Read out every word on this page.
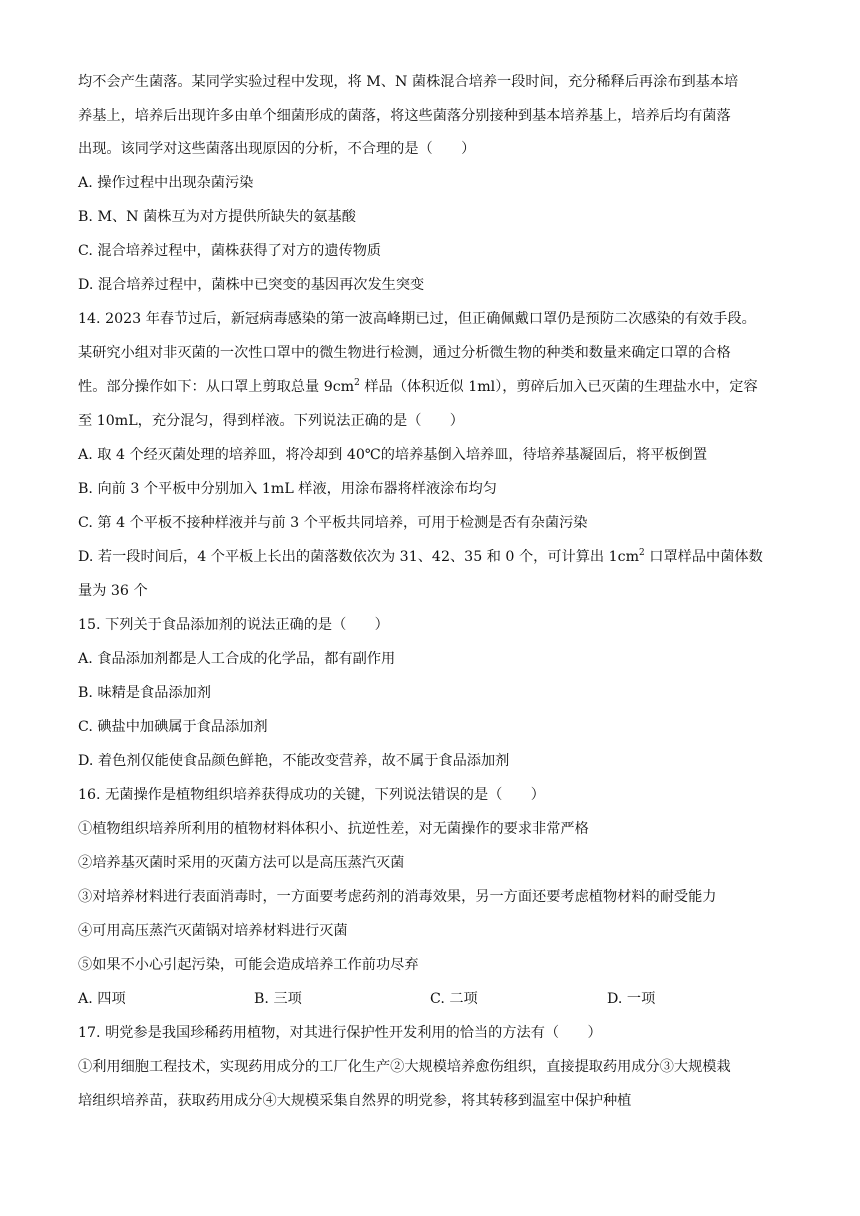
均不会产生菌落。某同学实验过程中发现，将 M、N 菌株混合培养一段时间，充分稀释后再涂布到基本培
养基上，培养后出现许多由单个细菌形成的菌落，将这些菌落分别接种到基本培养基上，培养后均有菌落
出现。该同学对这些菌落出现原因的分析，不合理的是（　　）
A. 操作过程中出现杂菌污染
B. M、N 菌株互为对方提供所缺失的氨基酸
C. 混合培养过程中，菌株获得了对方的遗传物质
D. 混合培养过程中，菌株中已突变的基因再次发生突变
14. 2023 年春节过后，新冠病毒感染的第一波高峰期已过，但正确佩戴口罩仍是预防二次感染的有效手段。
某研究小组对非灭菌的一次性口罩中的微生物进行检测，通过分析微生物的种类和数量来确定口罩的合格
性。部分操作如下：从口罩上剪取总量 $9cm^2$ 样品（体积近似 1ml），剪碎后加入已灭菌的生理盐水中，定容
至 10mL，充分混匀，得到样液。下列说法正确的是（　　）
A. 取 4 个经灭菌处理的培养皿，将冷却到 40℃的培养基倒入培养皿，待培养基凝固后，将平板倒置
B. 向前 3 个平板中分别加入 1mL 样液，用涂布器将样液涂布均匀
C. 第 4 个平板不接种样液并与前 3 个平板共同培养，可用于检测是否有杂菌污染
D. 若一段时间后，4 个平板上长出的菌落数依次为 31、42、35 和 0 个，可计算出 $1cm^2$ 口罩样品中菌体数
量为 36 个
15. 下列关于食品添加剂的说法正确的是（　　）
A. 食品添加剂都是人工合成的化学品，都有副作用
B. 味精是食品添加剂
C. 碘盐中加碘属于食品添加剂
D. 着色剂仅能使食品颜色鲜艳，不能改变营养，故不属于食品添加剂
16. 无菌操作是植物组织培养获得成功的关键，下列说法错误的是（　　）
①植物组织培养所利用的植物材料体积小、抗逆性差，对无菌操作的要求非常严格
②培养基灭菌时采用的灭菌方法可以是高压蒸汽灭菌
③对培养材料进行表面消毒时，一方面要考虑药剂的消毒效果，另一方面还要考虑植物材料的耐受能力
④可用高压蒸汽灭菌锅对培养材料进行灭菌
⑤如果不小心引起污染，可能会造成培养工作前功尽弃
A. 四项	B. 三项	C. 二项	D. 一项
17. 明党参是我国珍稀药用植物，对其进行保护性开发利用的恰当的方法有（　　）
①利用细胞工程技术，实现药用成分的工厂化生产②大规模培养愈伤组织，直接提取药用成分③大规模栽
培组织培养苗，获取药用成分④大规模采集自然界的明党参，将其转移到温室中保护种植
